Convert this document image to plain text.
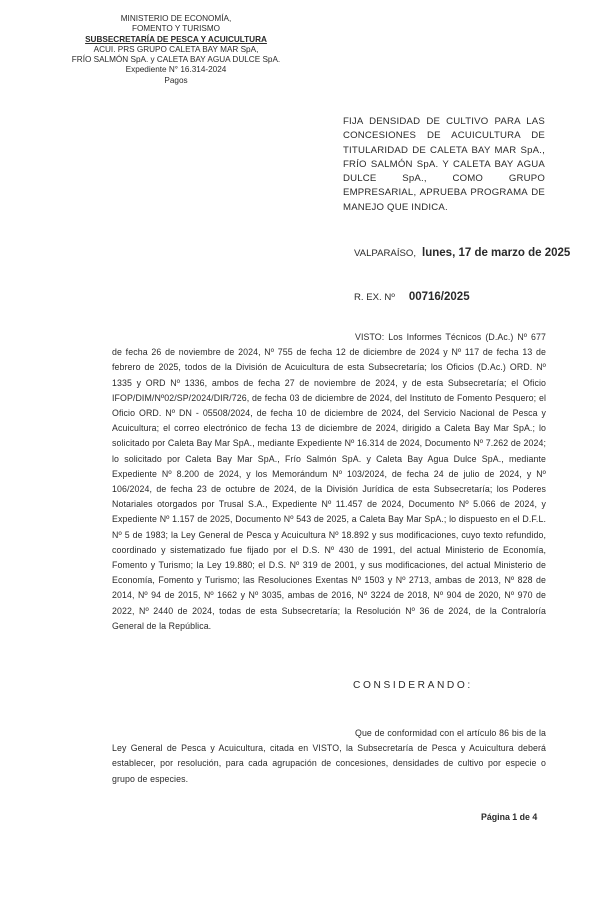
MINISTERIO DE ECONOMÍA,
FOMENTO Y TURISMO
SUBSECRETARÍA DE PESCA Y ACUICULTURA
ACUI. PRS GRUPO CALETA BAY MAR SpA,
FRÍO SALMÓN SpA. y CALETA BAY AGUA DULCE SpA.
Expediente N° 16.314-2024
Pagos
FIJA DENSIDAD DE CULTIVO PARA LAS CONCESIONES DE ACUICULTURA DE TITULARIDAD DE CALETA BAY MAR SpA., FRÍO SALMÓN SpA. Y CALETA BAY AGUA DULCE SpA., COMO GRUPO EMPRESARIAL, APRUEBA PROGRAMA DE MANEJO QUE INDICA.
VALPARAÍSO, lunes, 17 de marzo de 2025
R. EX. Nº 00716/2025
VISTO: Los Informes Técnicos (D.Ac.) Nº 677 de fecha 26 de noviembre de 2024, Nº 755 de fecha 12 de diciembre de 2024 y Nº 117 de fecha 13 de febrero de 2025, todos de la División de Acuicultura de esta Subsecretaría; los Oficios (D.Ac.) ORD. Nº 1335 y ORD Nº 1336, ambos de fecha 27 de noviembre de 2024, y de esta Subsecretaría; el Oficio IFOP/DIM/Nº02/SP/2024/DIR/726, de fecha 03 de diciembre de 2024, del Instituto de Fomento Pesquero; el Oficio ORD. Nº DN - 05508/2024, de fecha 10 de diciembre de 2024, del Servicio Nacional de Pesca y Acuicultura; el correo electrónico de fecha 13 de diciembre de 2024, dirigido a Caleta Bay Mar SpA.; lo solicitado por Caleta Bay Mar SpA., mediante Expediente Nº 16.314 de 2024, Documento Nº 7.262 de 2024; lo solicitado por Caleta Bay Mar SpA., Frío Salmón SpA. y Caleta Bay Agua Dulce SpA., mediante Expediente Nº 8.200 de 2024, y los Memorándum Nº 103/2024, de fecha 24 de julio de 2024, y Nº 106/2024, de fecha 23 de octubre de 2024, de la División Jurídica de esta Subsecretaría; los Poderes Notariales otorgados por Trusal S.A., Expediente Nº 11.457 de 2024, Documento Nº 5.066 de 2024, y Expediente Nº 1.157 de 2025, Documento Nº 543 de 2025, a Caleta Bay Mar SpA.; lo dispuesto en el D.F.L. Nº 5 de 1983; la Ley General de Pesca y Acuicultura Nº 18.892 y sus modificaciones, cuyo texto refundido, coordinado y sistematizado fue fijado por el D.S. Nº 430 de 1991, del actual Ministerio de Economía, Fomento y Turismo; la Ley 19.880; el D.S. Nº 319 de 2001, y sus modificaciones, del actual Ministerio de Economía, Fomento y Turismo; las Resoluciones Exentas Nº 1503 y Nº 2713, ambas de 2013, Nº 828 de 2014, Nº 94 de 2015, Nº 1662 y Nº 3035, ambas de 2016, Nº 3224 de 2018, Nº 904 de 2020, Nº 970 de 2022, Nº 2440 de 2024, todas de esta Subsecretaría; la Resolución Nº 36 de 2024, de la Contraloría General de la República.
CONSIDERANDO:
Que de conformidad con el artículo 86 bis de la Ley General de Pesca y Acuicultura, citada en VISTO, la Subsecretaría de Pesca y Acuicultura deberá establecer, por resolución, para cada agrupación de concesiones, densidades de cultivo por especie o grupo de especies.
Página 1 de 4
